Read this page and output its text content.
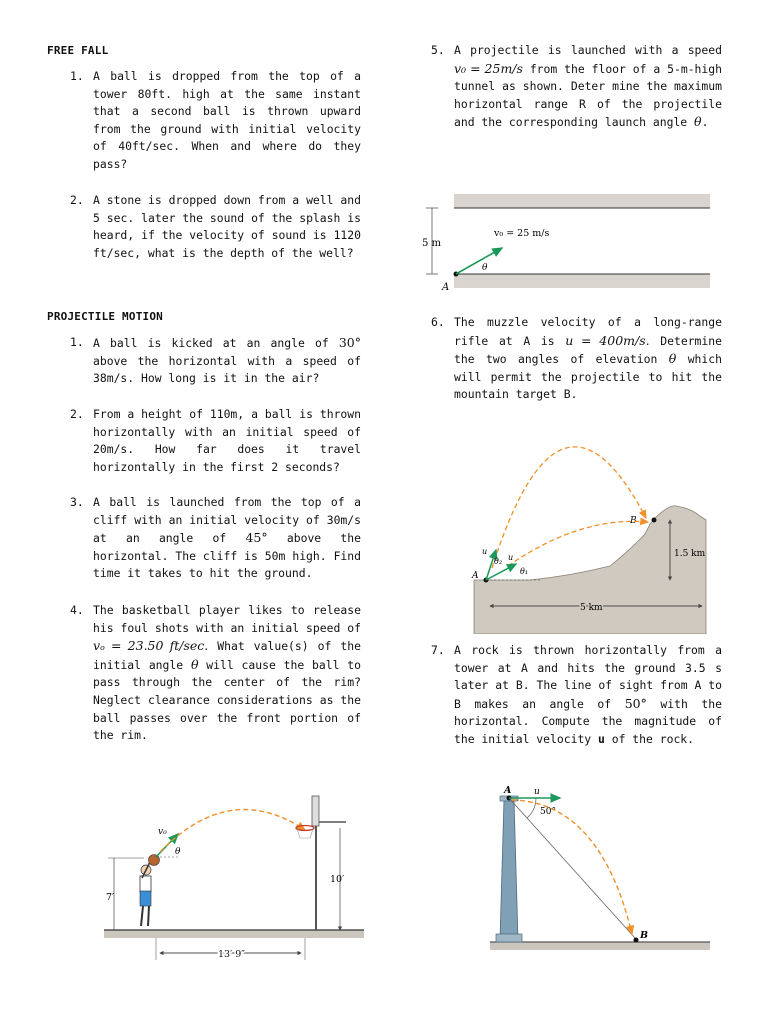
FREE FALL
1. A ball is dropped from the top of a tower 80ft. high at the same instant that a second ball is thrown upward from the ground with initial velocity of 40ft/sec. When and where do they pass?
2. A stone is dropped down from a well and 5 sec. later the sound of the splash is heard, if the velocity of sound is 1120 ft/sec, what is the depth of the well?
PROJECTILE MOTION
1. A ball is kicked at an angle of 30° above the horizontal with a speed of 38m/s. How long is it in the air?
2. From a height of 110m, a ball is thrown horizontally with an initial speed of 20m/s. How far does it travel horizontally in the first 2 seconds?
3. A ball is launched from the top of a cliff with an initial velocity of 30m/s at an angle of 45° above the horizontal. The cliff is 50m high. Find time it takes to hit the ground.
4. The basketball player likes to release his foul shots with an initial speed of vₒ = 23.50 ft/sec. What value(s) of the initial angle θ will cause the ball to pass through the center of the rim? Neglect clearance considerations as the ball passes over the front portion of the rim.
v₀
θ
7′
10′
13′ 9″
5. A projectile is launched with a speed v₀ = 25m/s from the floor of a 5-m-high tunnel as shown. Deter mine the maximum horizontal range R of the projectile and the corresponding launch angle θ.
5 m
v₀ = 25 m/s
θ
A
6. The muzzle velocity of a long-range rifle at A is u = 400m/s. Determine the two angles of elevation θ which will permit the projectile to hit the mountain target B.
A
B
u
u
θ₂
θ₁
1.5 km
5 km
7. A rock is thrown horizontally from a tower at A and hits the ground 3.5 s later at B. The line of sight from A to B makes an angle of 50° with the horizontal. Compute the magnitude of the initial velocity u of the rock.
A	u
50°
B
